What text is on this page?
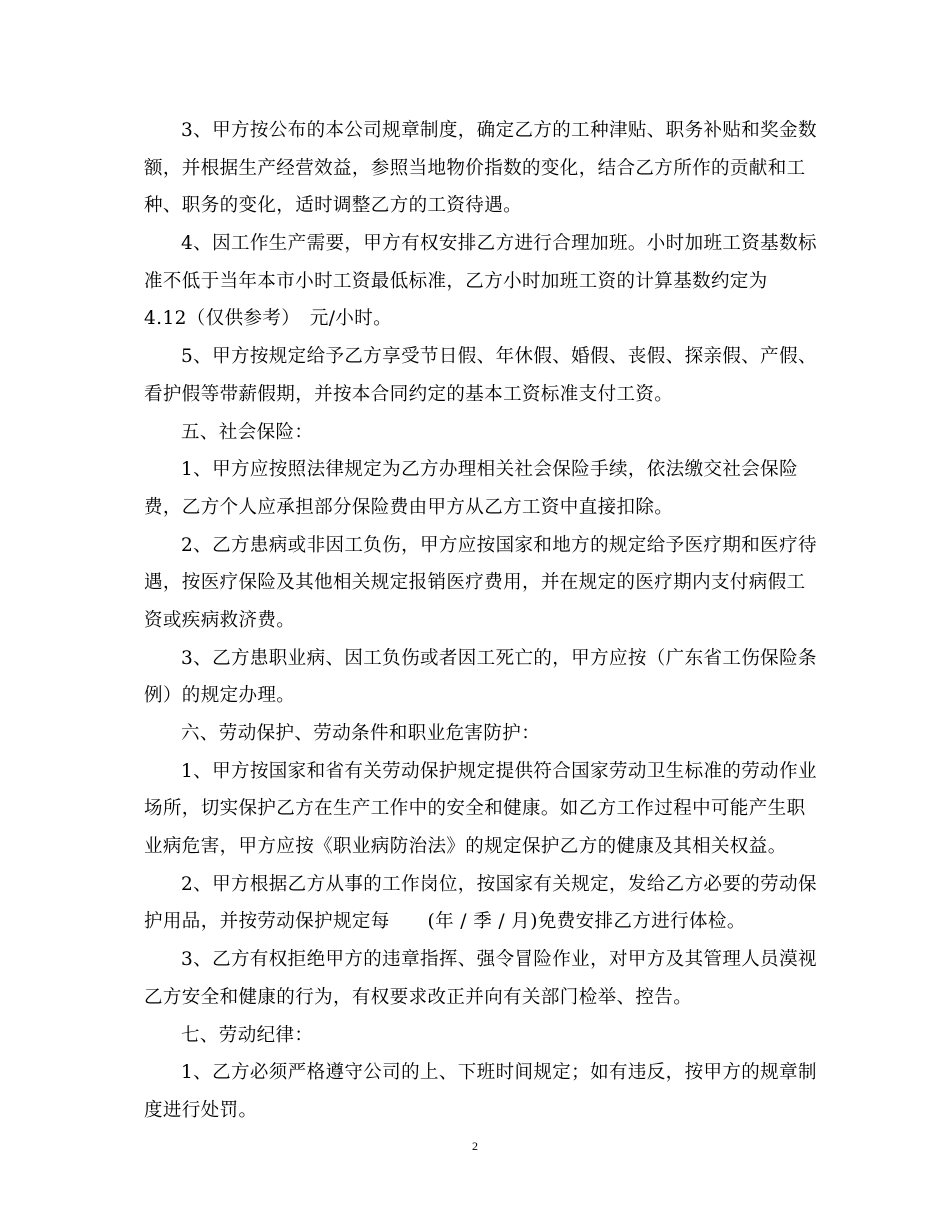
3、甲方按公布的本公司规章制度，确定乙方的工种津贴、职务补贴和奖金数
额，并根据生产经营效益，参照当地物价指数的变化，结合乙方所作的贡献和工
种、职务的变化，适时调整乙方的工资待遇。
4、因工作生产需要，甲方有权安排乙方进行合理加班。小时加班工资基数标
准不低于当年本市小时工资最低标准，乙方小时加班工资的计算基数约定为
4.12（仅供参考）　元/小时。
5、甲方按规定给予乙方享受节日假、年休假、婚假、丧假、探亲假、产假、
看护假等带薪假期，并按本合同约定的基本工资标准支付工资。
五、社会保险：
1、甲方应按照法律规定为乙方办理相关社会保险手续，依法缴交社会保险
费，乙方个人应承担部分保险费由甲方从乙方工资中直接扣除。
2、乙方患病或非因工负伤，甲方应按国家和地方的规定给予医疗期和医疗待
遇，按医疗保险及其他相关规定报销医疗费用，并在规定的医疗期内支付病假工
资或疾病救济费。
3、乙方患职业病、因工负伤或者因工死亡的，甲方应按（广东省工伤保险条
例）的规定办理。
六、劳动保护、劳动条件和职业危害防护：
1、甲方按国家和省有关劳动保护规定提供符合国家劳动卫生标准的劳动作业
场所，切实保护乙方在生产工作中的安全和健康。如乙方工作过程中可能产生职
业病危害，甲方应按《职业病防治法》的规定保护乙方的健康及其相关权益。
2、甲方根据乙方从事的工作岗位，按国家有关规定，发给乙方必要的劳动保
护用品，并按劳动保护规定每　　(年 / 季 / 月)免费安排乙方进行体检。
3、乙方有权拒绝甲方的违章指挥、强令冒险作业，对甲方及其管理人员漠视
乙方安全和健康的行为，有权要求改正并向有关部门检举、控告。
七、劳动纪律：
1、乙方必须严格遵守公司的上、下班时间规定；如有违反，按甲方的规章制
度进行处罚。
2
